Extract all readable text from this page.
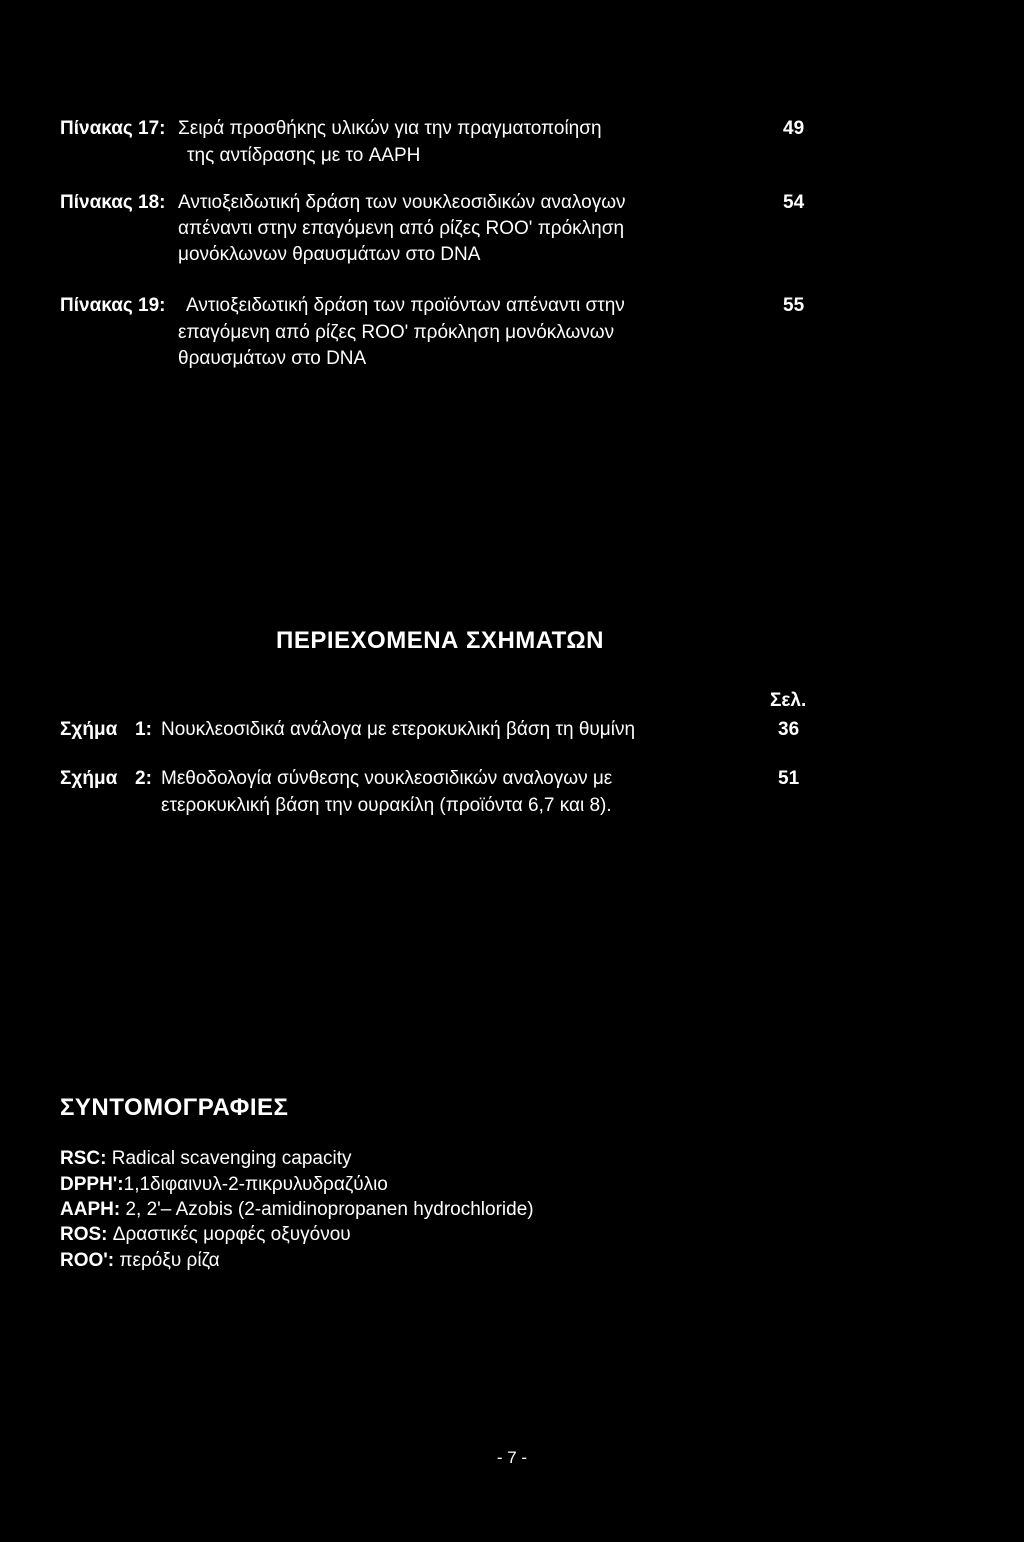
Πίνακας 17: Σειρά προσθήκης υλικών για την πραγματοποίηση
της αντίδρασης με το AAPH
49
Πίνακας 18: Αντιοξειδωτική δράση των νουκλεοσιδικών αναλογων
απέναντι στην επαγόμενη από ρίζες ROO' πρόκληση
μονόκλωνων θραυσμάτων στο DNA
54
Πίνακας 19: Αντιοξειδωτική δράση των προϊόντων απέναντι στην
επαγόμενη από ρίζες ROO' πρόκληση μονόκλωνων
θραυσμάτων στο DNA
55
ΠΕΡΙΕΧΟΜΕΝΑ ΣΧΗΜΑΤΩΝ
Σελ.
Σχήμα 1: Νουκλεοσιδικά ανάλογα με ετεροκυκλική βάση τη θυμίνη	36
Σχήμα 2: Μεθοδολογία σύνθεσης νουκλεοσιδικών αναλογων με
ετεροκυκλική βάση την ουρακίλη (προϊόντα 6,7 και 8).
51
ΣΥΝΤΟΜΟΓΡΑΦΙΕΣ
RSC: Radical scavenging capacity
DPPH':1,1διφαινυλ-2-πικρυλυδραζύλιο
AAPH: 2, 2'– Azobis (2-amidinopropanen hydrochloride)
ROS: Δραστικές μορφές οξυγόνου
ROO': περόξυ ρίζα
- 7 -
